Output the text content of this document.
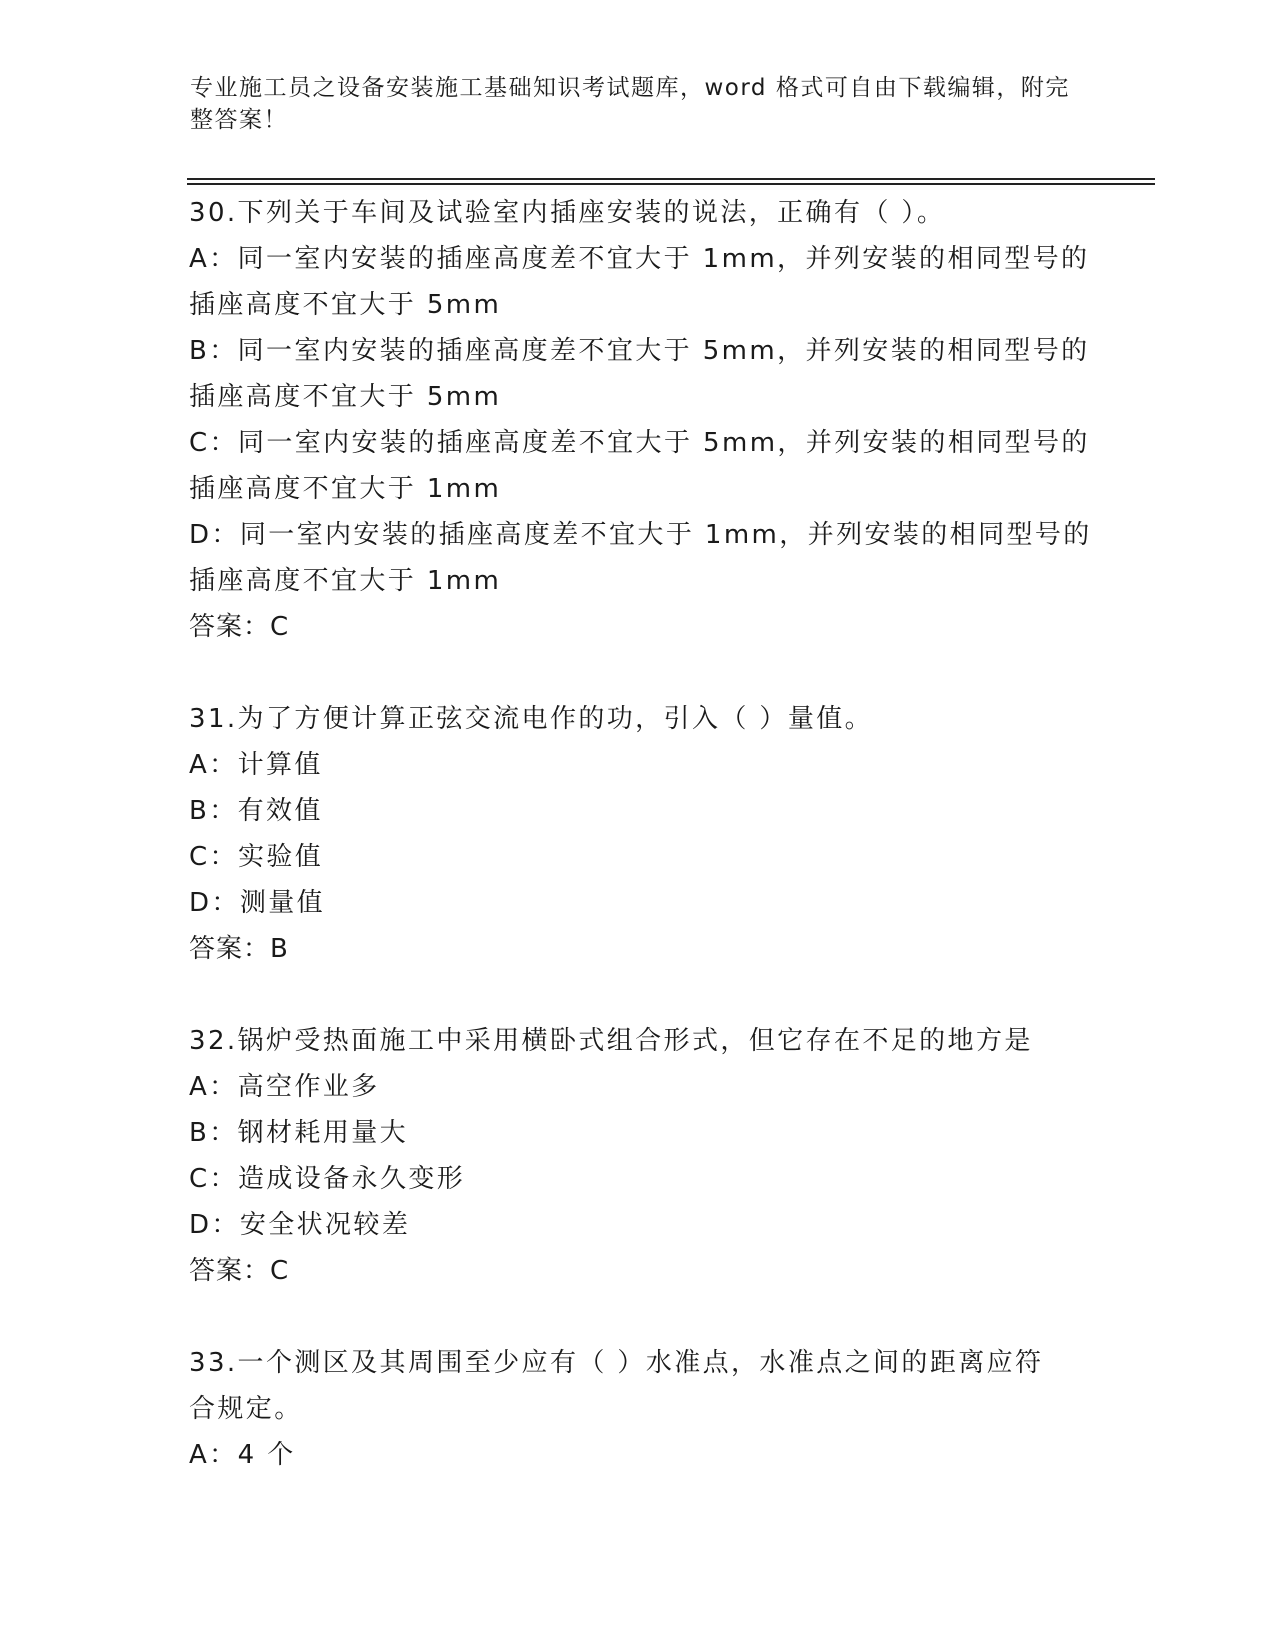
专业施工员之设备安装施工基础知识考试题库，word 格式可自由下载编辑，附完
整答案！
30.下列关于车间及试验室内插座安装的说法，正确有（ ）。
A：同一室内安装的插座高度差不宜大于 1mm，并列安装的相同型号的
插座高度不宜大于 5mm
B：同一室内安装的插座高度差不宜大于 5mm，并列安装的相同型号的
插座高度不宜大于 5mm
C：同一室内安装的插座高度差不宜大于 5mm，并列安装的相同型号的
插座高度不宜大于 1mm
D：同一室内安装的插座高度差不宜大于 1mm，并列安装的相同型号的
插座高度不宜大于 1mm
答案：C
31.为了方便计算正弦交流电作的功，引入（ ）量值。
A：计算值
B：有效值
C：实验值
D：测量值
答案：B
32.锅炉受热面施工中采用横卧式组合形式，但它存在不足的地方是
A：高空作业多
B：钢材耗用量大
C：造成设备永久变形
D：安全状况较差
答案：C
33.一个测区及其周围至少应有（ ）水准点，水准点之间的距离应符
合规定。
A：4 个
